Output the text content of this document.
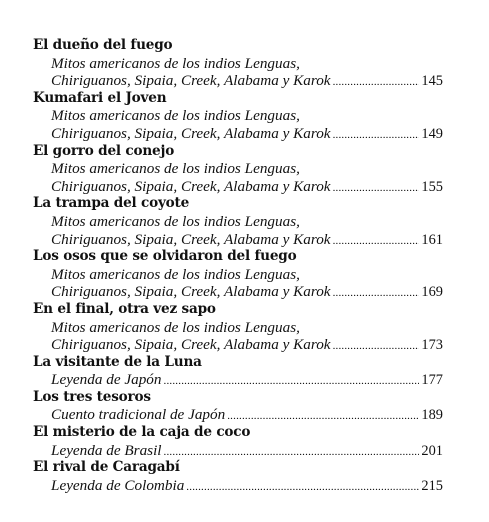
El dueño del fuego
Mitos americanos de los indios Lenguas,
Chiriguanos, Sipaia, Creek, Alabama y Karok .....	145
Kumafari el Joven
Mitos americanos de los indios Lenguas,
Chiriguanos, Sipaia, Creek, Alabama y Karok .....	149
El gorro del conejo
Mitos americanos de los indios Lenguas,
Chiriguanos, Sipaia, Creek, Alabama y Karok .....	155
La trampa del coyote
Mitos americanos de los indios Lenguas,
Chiriguanos, Sipaia, Creek, Alabama y Karok .....	161
Los osos que se olvidaron del fuego
Mitos americanos de los indios Lenguas,
Chiriguanos, Sipaia, Creek, Alabama y Karok .....	169
En el final, otra vez sapo
Mitos americanos de los indios Lenguas,
Chiriguanos, Sipaia, Creek, Alabama y Karok .....	173
La visitante de la Luna
Leyenda de Japón .....	177
Los tres tesoros
Cuento tradicional de Japón .....	189
El misterio de la caja de coco
Leyenda de Brasil .....	201
El rival de Caragabí
Leyenda de Colombia .....	215
